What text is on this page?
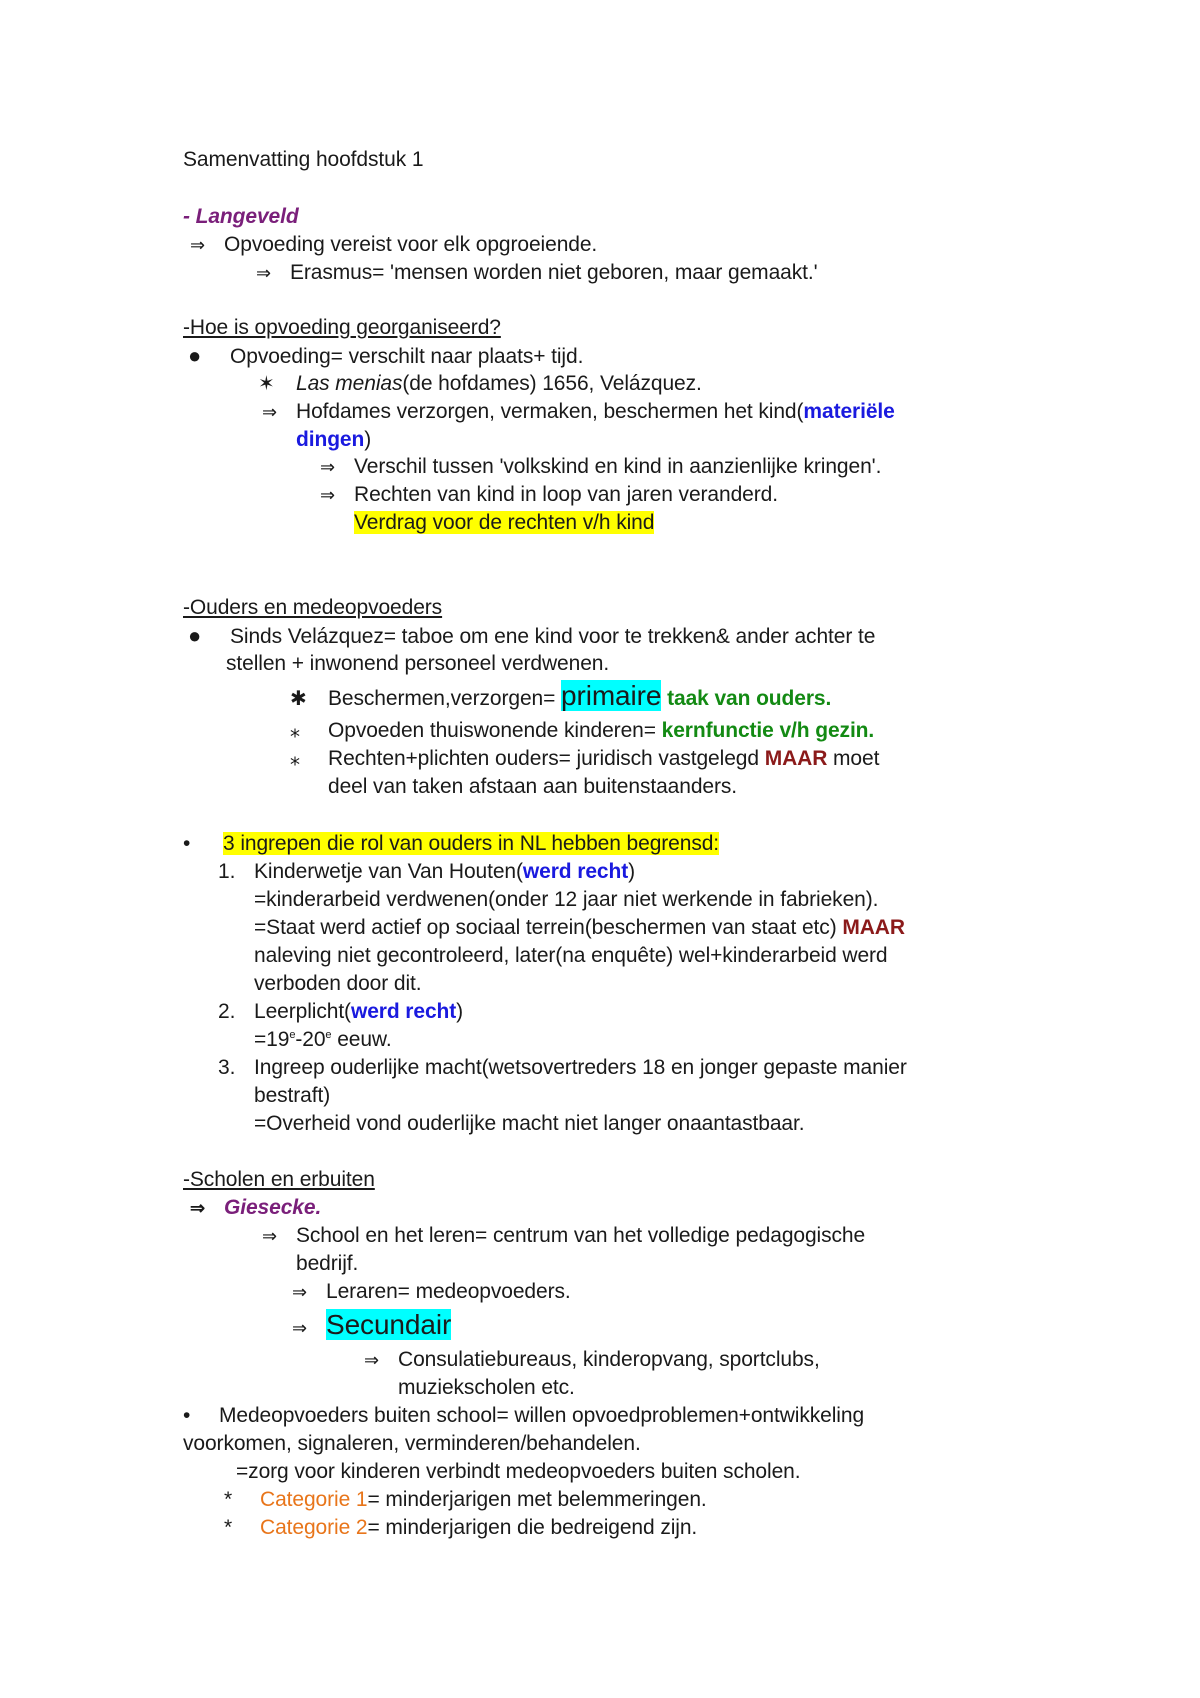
Samenvatting hoofdstuk 1
- Langeveld
⇒ Opvoeding vereist voor elk opgroeiende.
⇒ Erasmus= 'mensen worden niet geboren, maar gemaakt.'
-Hoe is opvoeding georganiseerd?
● Opvoeding= verschilt naar plaats+ tijd.
✶ Las menias(de hofdames) 1656, Velázquez.
⇒ Hofdames verzorgen, vermaken, beschermen het kind(materiële
dingen)
⇒ Verschil tussen 'volkskind en kind in aanzienlijke kringen'.
⇒ Rechten van kind in loop van jaren veranderd.
Verdrag voor de rechten v/h kind
-Ouders en medeopvoeders
● Sinds Velázquez= taboe om ene kind voor te trekken& ander achter te
stellen + inwonend personeel verdwenen.
✱ Beschermen,verzorgen= primaire taak van ouders.
⁎ Opvoeden thuiswonende kinderen= kernfunctie v/h gezin.
⁎ Rechten+plichten ouders= juridisch vastgelegd MAAR moet
deel van taken afstaan aan buitenstaanders.
• 3 ingrepen die rol van ouders in NL hebben begrensd:
1. Kinderwetje van Van Houten(werd recht)
=kinderarbeid verdwenen(onder 12 jaar niet werkende in fabrieken).
=Staat werd actief op sociaal terrein(beschermen van staat etc) MAAR
naleving niet gecontroleerd, later(na enquête) wel+kinderarbeid werd
verboden door dit.
2. Leerplicht(werd recht)
$=19^e-20^e$ eeuw.
3. Ingreep ouderlijke macht(wetsovertreders 18 en jonger gepaste manier
bestraft)
=Overheid vond ouderlijke macht niet langer onaantastbaar.
-Scholen en erbuiten
⇒ Giesecke.
⇒ School en het leren= centrum van het volledige pedagogische
bedrijf.
⇒ Leraren= medeopvoeders.
⇒ Secundair
⇒ Consulatiebureaus, kinderopvang, sportclubs,
muziekscholen etc.
• Medeopvoeders buiten school= willen opvoedproblemen+ontwikkeling
voorkomen, signaleren, verminderen/behandelen.
=zorg voor kinderen verbindt medeopvoeders buiten scholen.
* Categorie 1= minderjarigen met belemmeringen.
* Categorie 2= minderjarigen die bedreigend zijn.
